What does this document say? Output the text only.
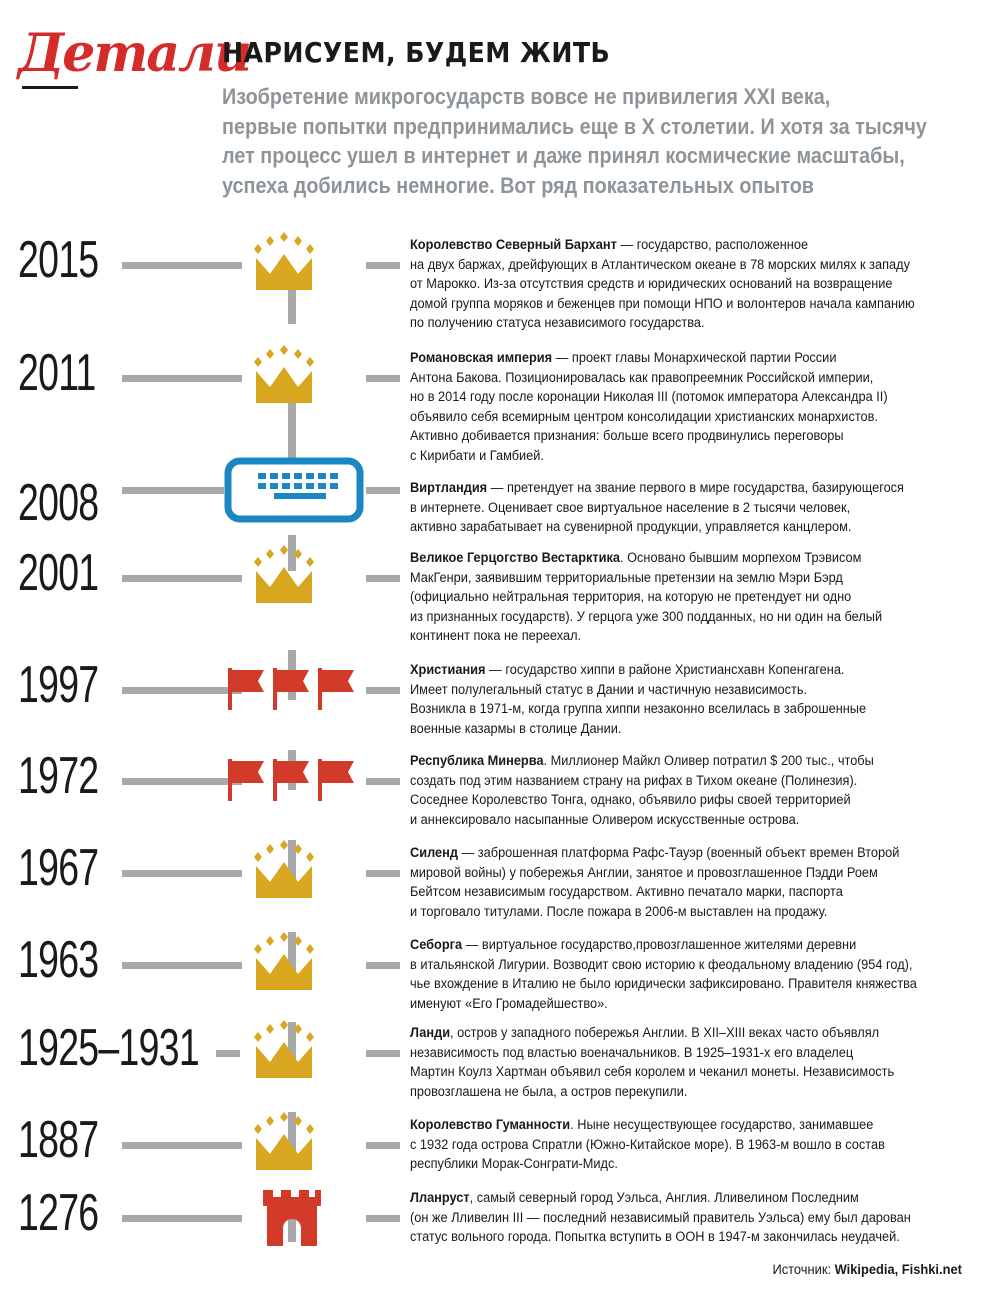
Детали
НАРИСУЕМ, БУДЕМ ЖИТЬ
Изобретение микрогосударств вовсе не привилегия XXI века,
первые попытки предпринимались еще в X столетии. И хотя за тысячу
лет процесс ушел в интернет и даже принял космические масштабы,
успеха добились немногие. Вот ряд показательных опытов
2015	Королевство Северный Бархант — государство, расположенное
на двух баржах, дрейфующих в Атлантическом океане в 78 морских милях к западу
от Марокко. Из-за отсутствия средств и юридических оснований на возвращение
домой группа моряков и беженцев при помощи НПО и волонтеров начала кампанию
по получению статуса независимого государства.
2011	Романовская империя — проект главы Монархической партии России
Антона Бакова. Позиционировалась как правопреемник Российской империи,
но в 2014 году после коронации Николая III (потомок императора Александра II)
объявило себя всемирным центром консолидации христианских монархистов.
Активно добивается признания: больше всего продвинулись переговоры
с Кирибати и Гамбией.
2008	Виртландия — претендует на звание первого в мире государства, базирующегося
в интернете. Оценивает свое виртуальное население в 2 тысячи человек,
активно зарабатывает на сувенирной продукции, управляется канцлером.
2001	Великое Герцогство Вестарктика. Основано бывшим морпехом Трэвисом
МакГенри, заявившим территориальные претензии на землю Мэри Бэрд
(официально нейтральная территория, на которую не претендует ни одно
из признанных государств). У герцога уже 300 подданных, но ни один на белый
континент пока не переехал.
1997	Христиания — государство хиппи в районе Христиансхавн Копенгагена.
Имеет полулегальный статус в Дании и частичную независимость.
Возникла в 1971-м, когда группа хиппи незаконно вселилась в заброшенные
военные казармы в столице Дании.
1972	Республика Минерва. Миллионер Майкл Оливер потратил $ 200 тыс., чтобы
создать под этим названием страну на рифах в Тихом океане (Полинезия).
Соседнее Королевство Тонга, однако, объявило рифы своей территорией
и аннексировало насыпанные Оливером искусственные острова.
1967	Силенд — заброшенная платформа Рафс-Тауэр (военный объект времен Второй
мировой войны) у побережья Англии, занятое и провозглашенное Пэдди Роем
Бейтсом независимым государством. Активно печатало марки, паспорта
и торговало титулами. После пожара в 2006-м выставлен на продажу.
1963	Себорга — виртуальное государство,провозглашенное жителями деревни
в итальянской Лигурии. Возводит свою историю к феодальному владению (954 год),
чье вхождение в Италию не было юридически зафиксировано. Правителя княжества
именуют «Его Громадейшество».
1925–1931	Ланди, остров у западного побережья Англии. В XII–XIII веках часто объявлял
независимость под властью военачальников. В 1925–1931-х его владелец
Мартин Коулз Хартман объявил себя королем и чеканил монеты. Независимость
провозглашена не была, а остров перекупили.
1887	Королевство Гуманности. Ныне несуществующее государство, занимавшее
с 1932 года острова Спратли (Южно-Китайское море). В 1963-м вошло в состав
республики Морак-Сонграти-Мидс.
1276	Лланруст, самый северный город Уэльса, Англия. Лливелином Последним
(он же Лливелин III — последний независимый правитель Уэльса) ему был дарован
статус вольного города. Попытка вступить в ООН в 1947-м закончилась неудачей.
Источник: Wikipedia, Fishki.net
